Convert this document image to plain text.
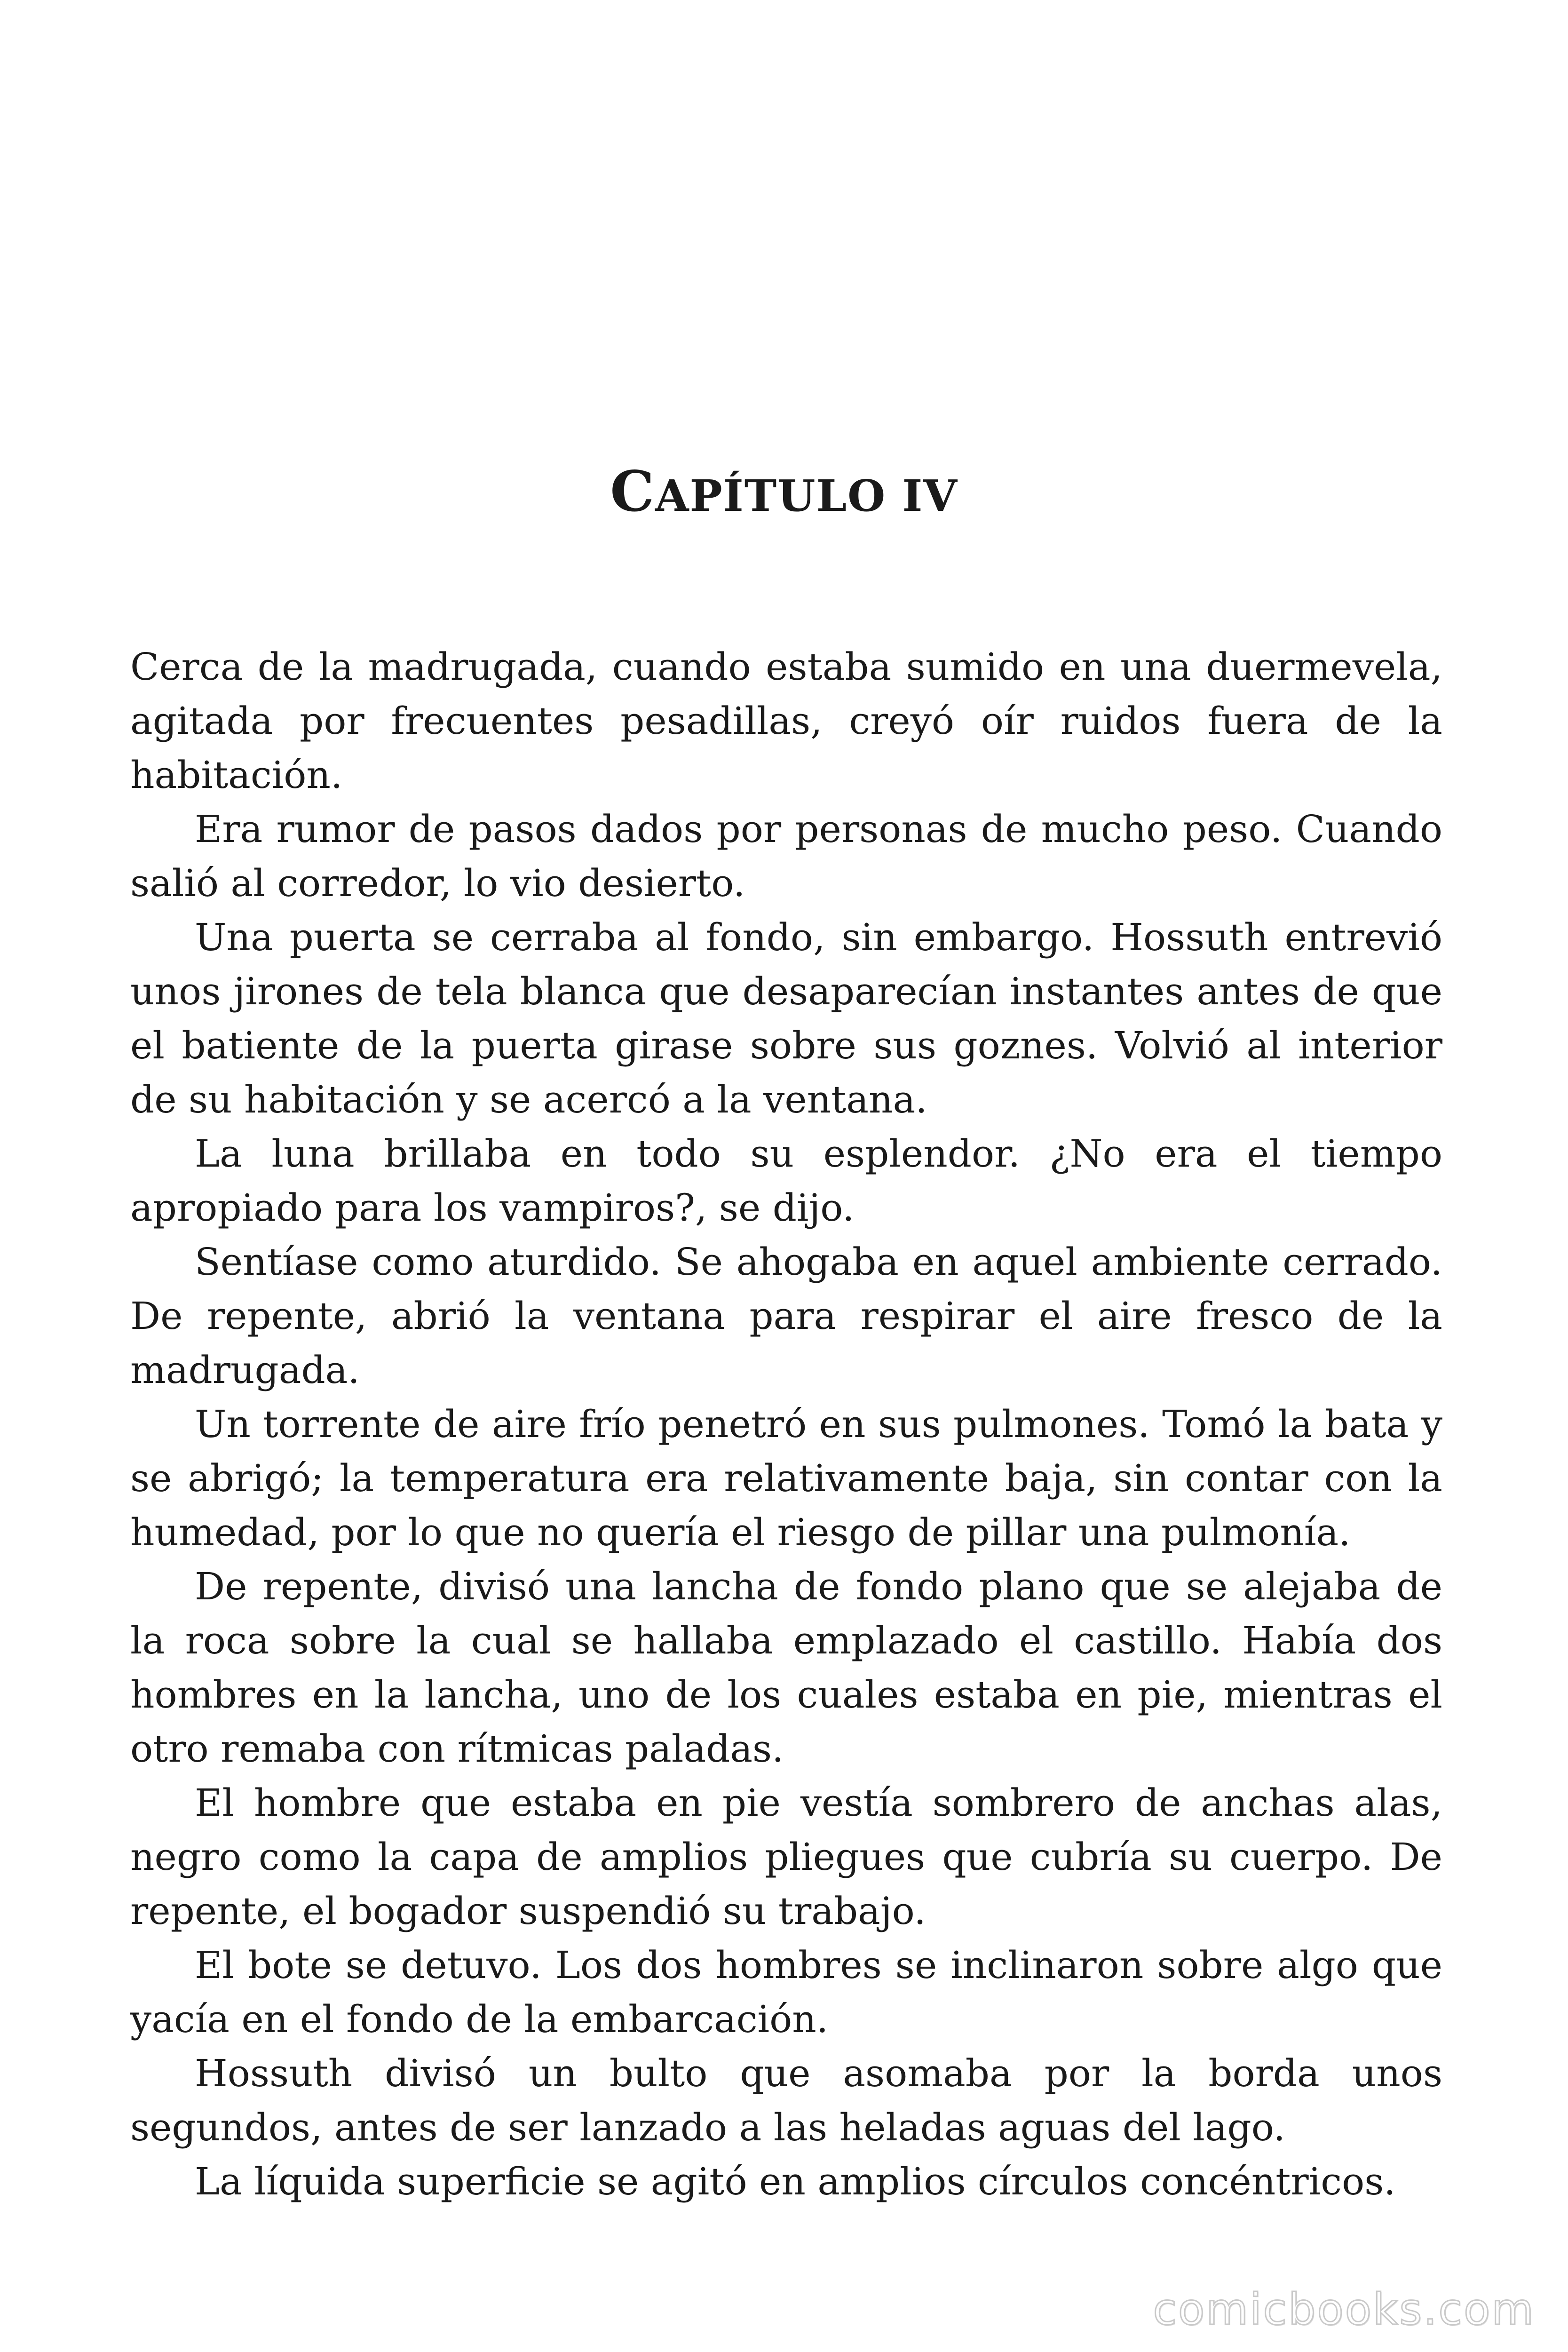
CAPÍTULO IV

Cerca de la madrugada, cuando estaba sumido en una duermevela, agitada por frecuentes pesadillas, creyó oír ruidos fuera de la habitación.

Era rumor de pasos dados por personas de mucho peso. Cuando salió al corredor, lo vio desierto.

Una puerta se cerraba al fondo, sin embargo. Hossuth entrevió unos jirones de tela blanca que desaparecían instantes antes de que el batiente de la puerta girase sobre sus goznes. Volvió al interior de su habitación y se acercó a la ventana.

La luna brillaba en todo su esplendor. ¿No era el tiempo apropiado para los vampiros?, se dijo.

Sentíase como aturdido. Se ahogaba en aquel ambiente cerrado. De repente, abrió la ventana para respirar el aire fresco de la madrugada.

Un torrente de aire frío penetró en sus pulmones. Tomó la bata y se abrigó; la temperatura era relativamente baja, sin contar con la humedad, por lo que no quería el riesgo de pillar una pulmonía.

De repente, divisó una lancha de fondo plano que se alejaba de la roca sobre la cual se hallaba emplazado el castillo. Había dos hombres en la lancha, uno de los cuales estaba en pie, mientras el otro remaba con rítmicas paladas.

El hombre que estaba en pie vestía sombrero de anchas alas, negro como la capa de amplios pliegues que cubría su cuerpo. De repente, el bogador suspendió su trabajo.

El bote se detuvo. Los dos hombres se inclinaron sobre algo que yacía en el fondo de la embarcación.

Hossuth divisó un bulto que asomaba por la borda unos segundos, antes de ser lanzado a las heladas aguas del lago.

La líquida superficie se agitó en amplios círculos concéntricos.

comicbooks.com
